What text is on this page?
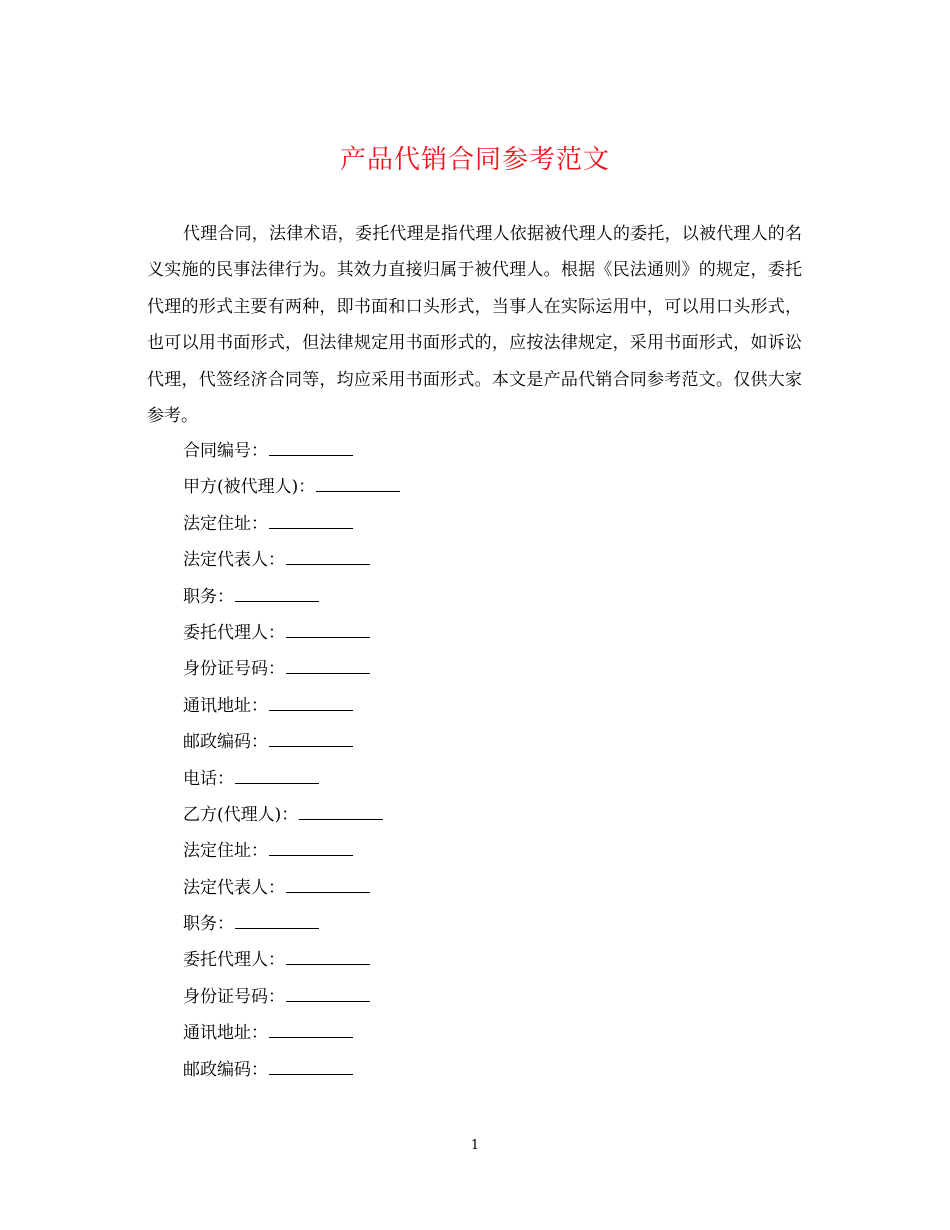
产品代销合同参考范文

代理合同，法律术语，委托代理是指代理人依据被代理人的委托，以被代理人的名义实施的民事法律行为。其效力直接归属于被代理人。根据《民法通则》的规定，委托代理的形式主要有两种，即书面和口头形式，当事人在实际运用中，可以用口头形式，也可以用书面形式，但法律规定用书面形式的，应按法律规定，采用书面形式，如诉讼代理，代签经济合同等，均应采用书面形式。本文是产品代销合同参考范文。仅供大家参考。

合同编号：
甲方(被代理人)：
法定住址：
法定代表人：
职务：
委托代理人：
身份证号码：
通讯地址：
邮政编码：
电话：
乙方(代理人)：
法定住址：
法定代表人：
职务：
委托代理人：
身份证号码：
通讯地址：
邮政编码：
1
